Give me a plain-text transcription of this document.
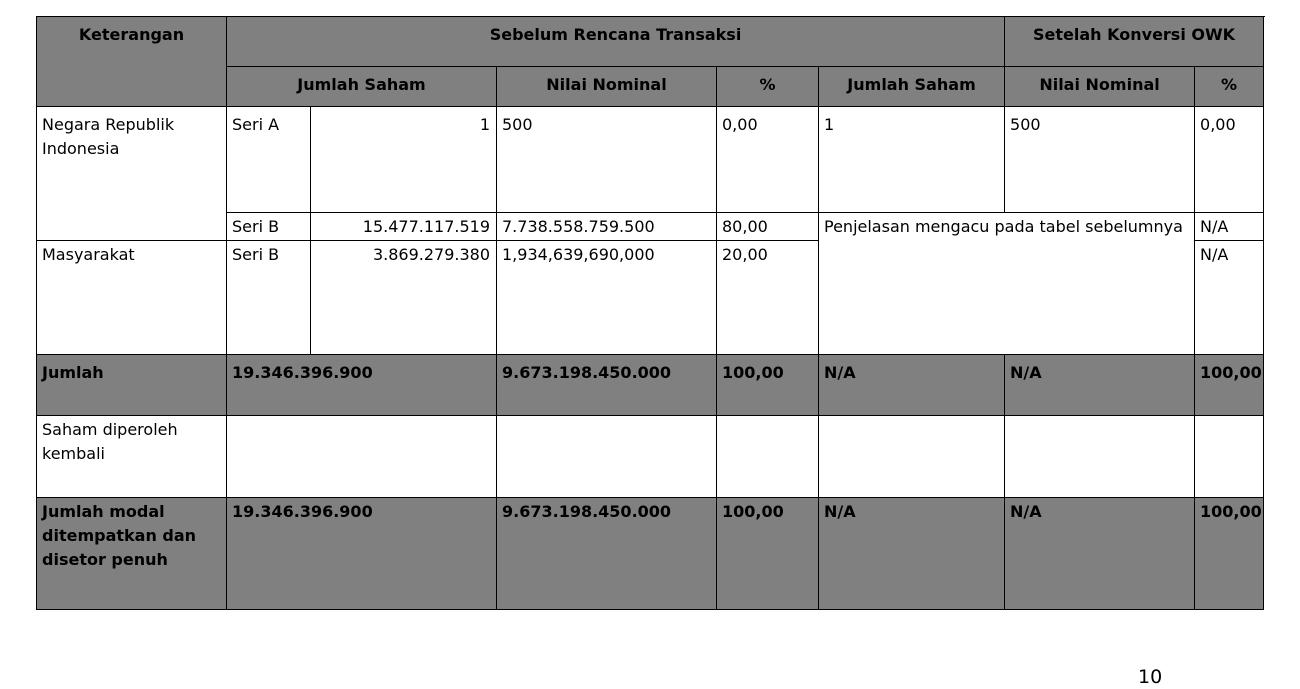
Keterangan	Sebelum Rencana Transaksi					Setelah Konversi OWK	
	Jumlah Saham		Nilai Nominal	%	Jumlah Saham	Nilai Nominal	%
Negara Republik Indonesia	Seri A	1	500	0,00	1	500	0,00
	Seri B	15.477.117.519	7.738.558.759.500	80,00	Penjelasan mengacu pada tabel sebelumnya		N/A
Masyarakat	Seri B	3.869.279.380	1,934,639,690,000	20,00			N/A
Jumlah	19.346.396.900		9.673.198.450.000	100,00	N/A	N/A	100,00
Saham diperoleh kembali							
Jumlah modal ditempatkan dan disetor penuh	19.346.396.900		9.673.198.450.000	100,00	N/A	N/A	100,00
10
